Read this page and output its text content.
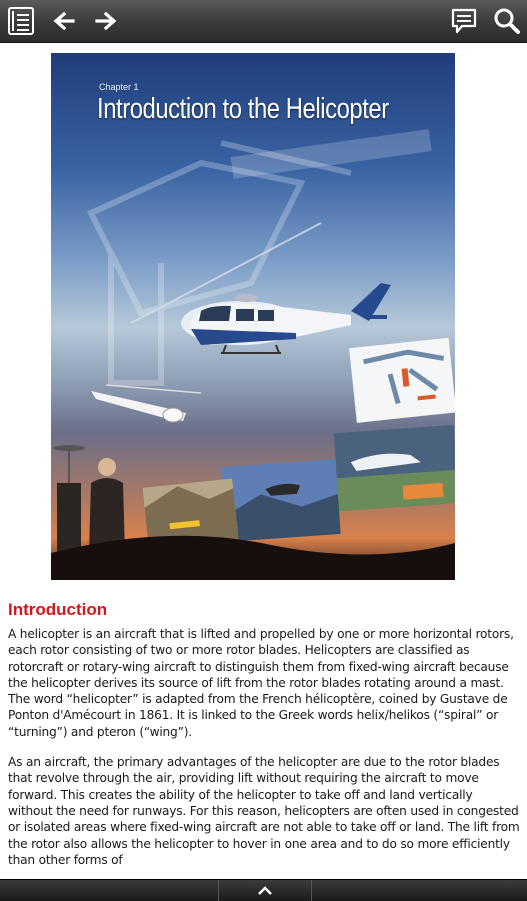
Chapter 1
Introduction to the Helicopter
Introduction

A helicopter is an aircraft that is lifted and propelled by one or more horizontal rotors, each rotor consisting of two or more rotor blades. Helicopters are classified as rotorcraft or rotary-wing aircraft to distinguish them from fixed-wing aircraft because the helicopter derives its source of lift from the rotor blades rotating around a mast. The word “helicopter” is adapted from the French hélicoptère, coined by Gustave de Ponton d'Amécourt in 1861. It is linked to the Greek words helix/helikos (“spiral” or “turning”) and pteron (“wing”).

As an aircraft, the primary advantages of the helicopter are due to the rotor blades that revolve through the air, providing lift without requiring the aircraft to move forward. This creates the ability of the helicopter to take off and land vertically without the need for runways. For this reason, helicopters are often used in congested or isolated areas where fixed-wing aircraft are not able to take off or land. The lift from the rotor also allows the helicopter to hover in one area and to do so more efficiently than other forms of
